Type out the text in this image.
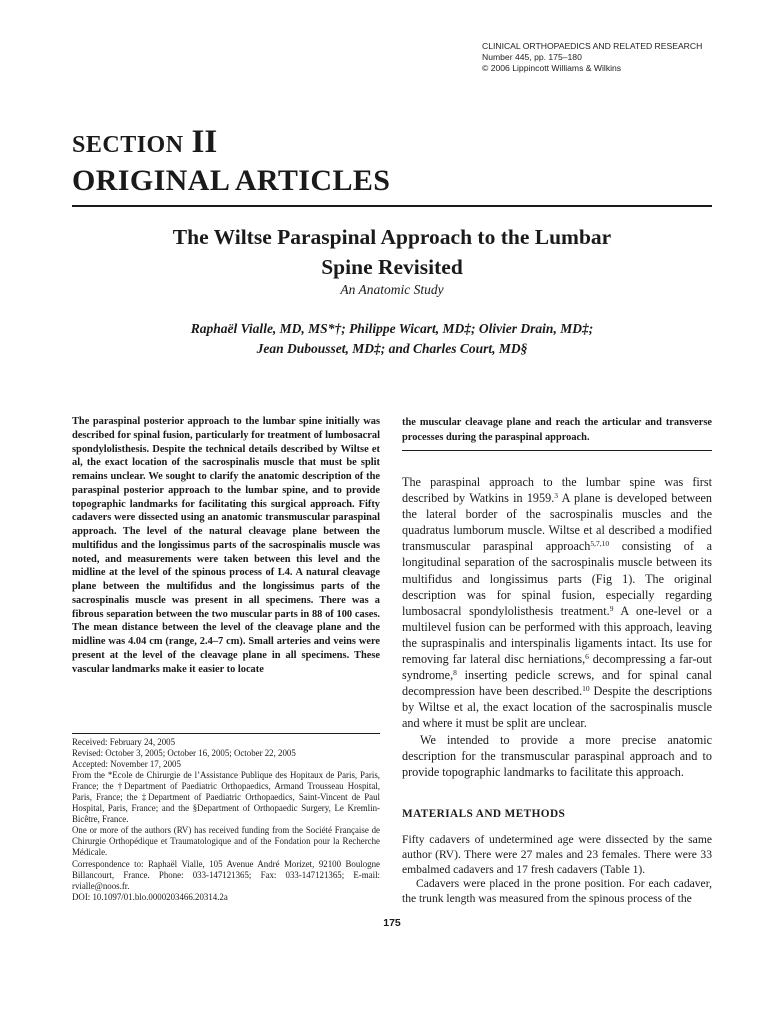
CLINICAL ORTHOPAEDICS AND RELATED RESEARCH
Number 445, pp. 175–180
© 2006 Lippincott Williams & Wilkins
SECTION II
ORIGINAL ARTICLES
The Wiltse Paraspinal Approach to the Lumbar
Spine Revisited
An Anatomic Study
Raphaël Vialle, MD, MS*†; Philippe Wicart, MD‡; Olivier Drain, MD‡;
Jean Dubousset, MD‡; and Charles Court, MD§
The paraspinal posterior approach to the lumbar spine initially was described for spinal fusion, particularly for treatment of lumbosacral spondylolisthesis. Despite the technical details described by Wiltse et al, the exact location of the sacrospinalis muscle that must be split remains unclear. We sought to clarify the anatomic description of the paraspinal posterior approach to the lumbar spine, and to provide topographic landmarks for facilitating this surgical approach. Fifty cadavers were dissected using an anatomic transmuscular paraspinal approach. The level of the natural cleavage plane between the multifidus and the longissimus parts of the sacrospinalis muscle was noted, and measurements were taken between this level and the midline at the level of the spinous process of L4. A natural cleavage plane between the multifidus and the longissimus parts of the sacrospinalis muscle was present in all specimens. There was a fibrous separation between the two muscular parts in 88 of 100 cases. The mean distance between the level of the cleavage plane and the midline was 4.04 cm (range, 2.4–7 cm). Small arteries and veins were present at the level of the cleavage plane in all specimens. These vascular landmarks make it easier to locate
the muscular cleavage plane and reach the articular and transverse processes during the paraspinal approach.

The paraspinal approach to the lumbar spine was first described by Watkins in 1959.$^3$ A plane is developed between the lateral border of the sacrospinalis muscles and the quadratus lumborum muscle. Wiltse et al described a modified transmuscular paraspinal approach$^{5,7,10}$ consisting of a longitudinal separation of the sacrospinalis muscle between its multifidus and longissimus parts (Fig 1). The original description was for spinal fusion, especially regarding lumbosacral spondylolisthesis treatment.$^9$ A one-level or a multilevel fusion can be performed with this approach, leaving the supraspinalis and interspinalis ligaments intact. Its use for removing far lateral disc herniations,$^6$ decompressing a far-out syndrome,$^8$ inserting pedicle screws, and for spinal canal decompression have been described.$^{10}$ Despite the descriptions by Wiltse et al, the exact location of the sacrospinalis muscle and where it must be split are unclear.

We intended to provide a more precise anatomic description for the transmuscular paraspinal approach and to provide topographic landmarks to facilitate this approach.

MATERIALS AND METHODS

Fifty cadavers of undetermined age were dissected by the same author (RV). There were 27 males and 23 females. There were 33 embalmed cadavers and 17 fresh cadavers (Table 1).

Cadavers were placed in the prone position. For each cadaver, the trunk length was measured from the spinous process of the

Received: February 24, 2005
Revised: October 3, 2005; October 16, 2005; October 22, 2005
Accepted: November 17, 2005
From the *Ecole de Chirurgie de l’Assistance Publique des Hopitaux de Paris, Paris, France; the †Department of Paediatric Orthopaedics, Armand Trousseau Hospital, Paris, France; the ‡Department of Paediatric Orthopaedics, Saint-Vincent de Paul Hospital, Paris, France; and the §Department of Orthopaedic Surgery, Le Kremlin-Bicêtre, France.
One or more of the authors (RV) has received funding from the Société Française de Chirurgie Orthopédique et Traumatologique and of the Fondation pour la Recherche Médicale.
Correspondence to: Raphaël Vialle, 105 Avenue André Morizet, 92100 Boulogne Billancourt, France. Phone: 033-147121365; Fax: 033-147121365; E-mail: rvialle@noos.fr.
DOI: 10.1097/01.blo.0000203466.20314.2a
175
